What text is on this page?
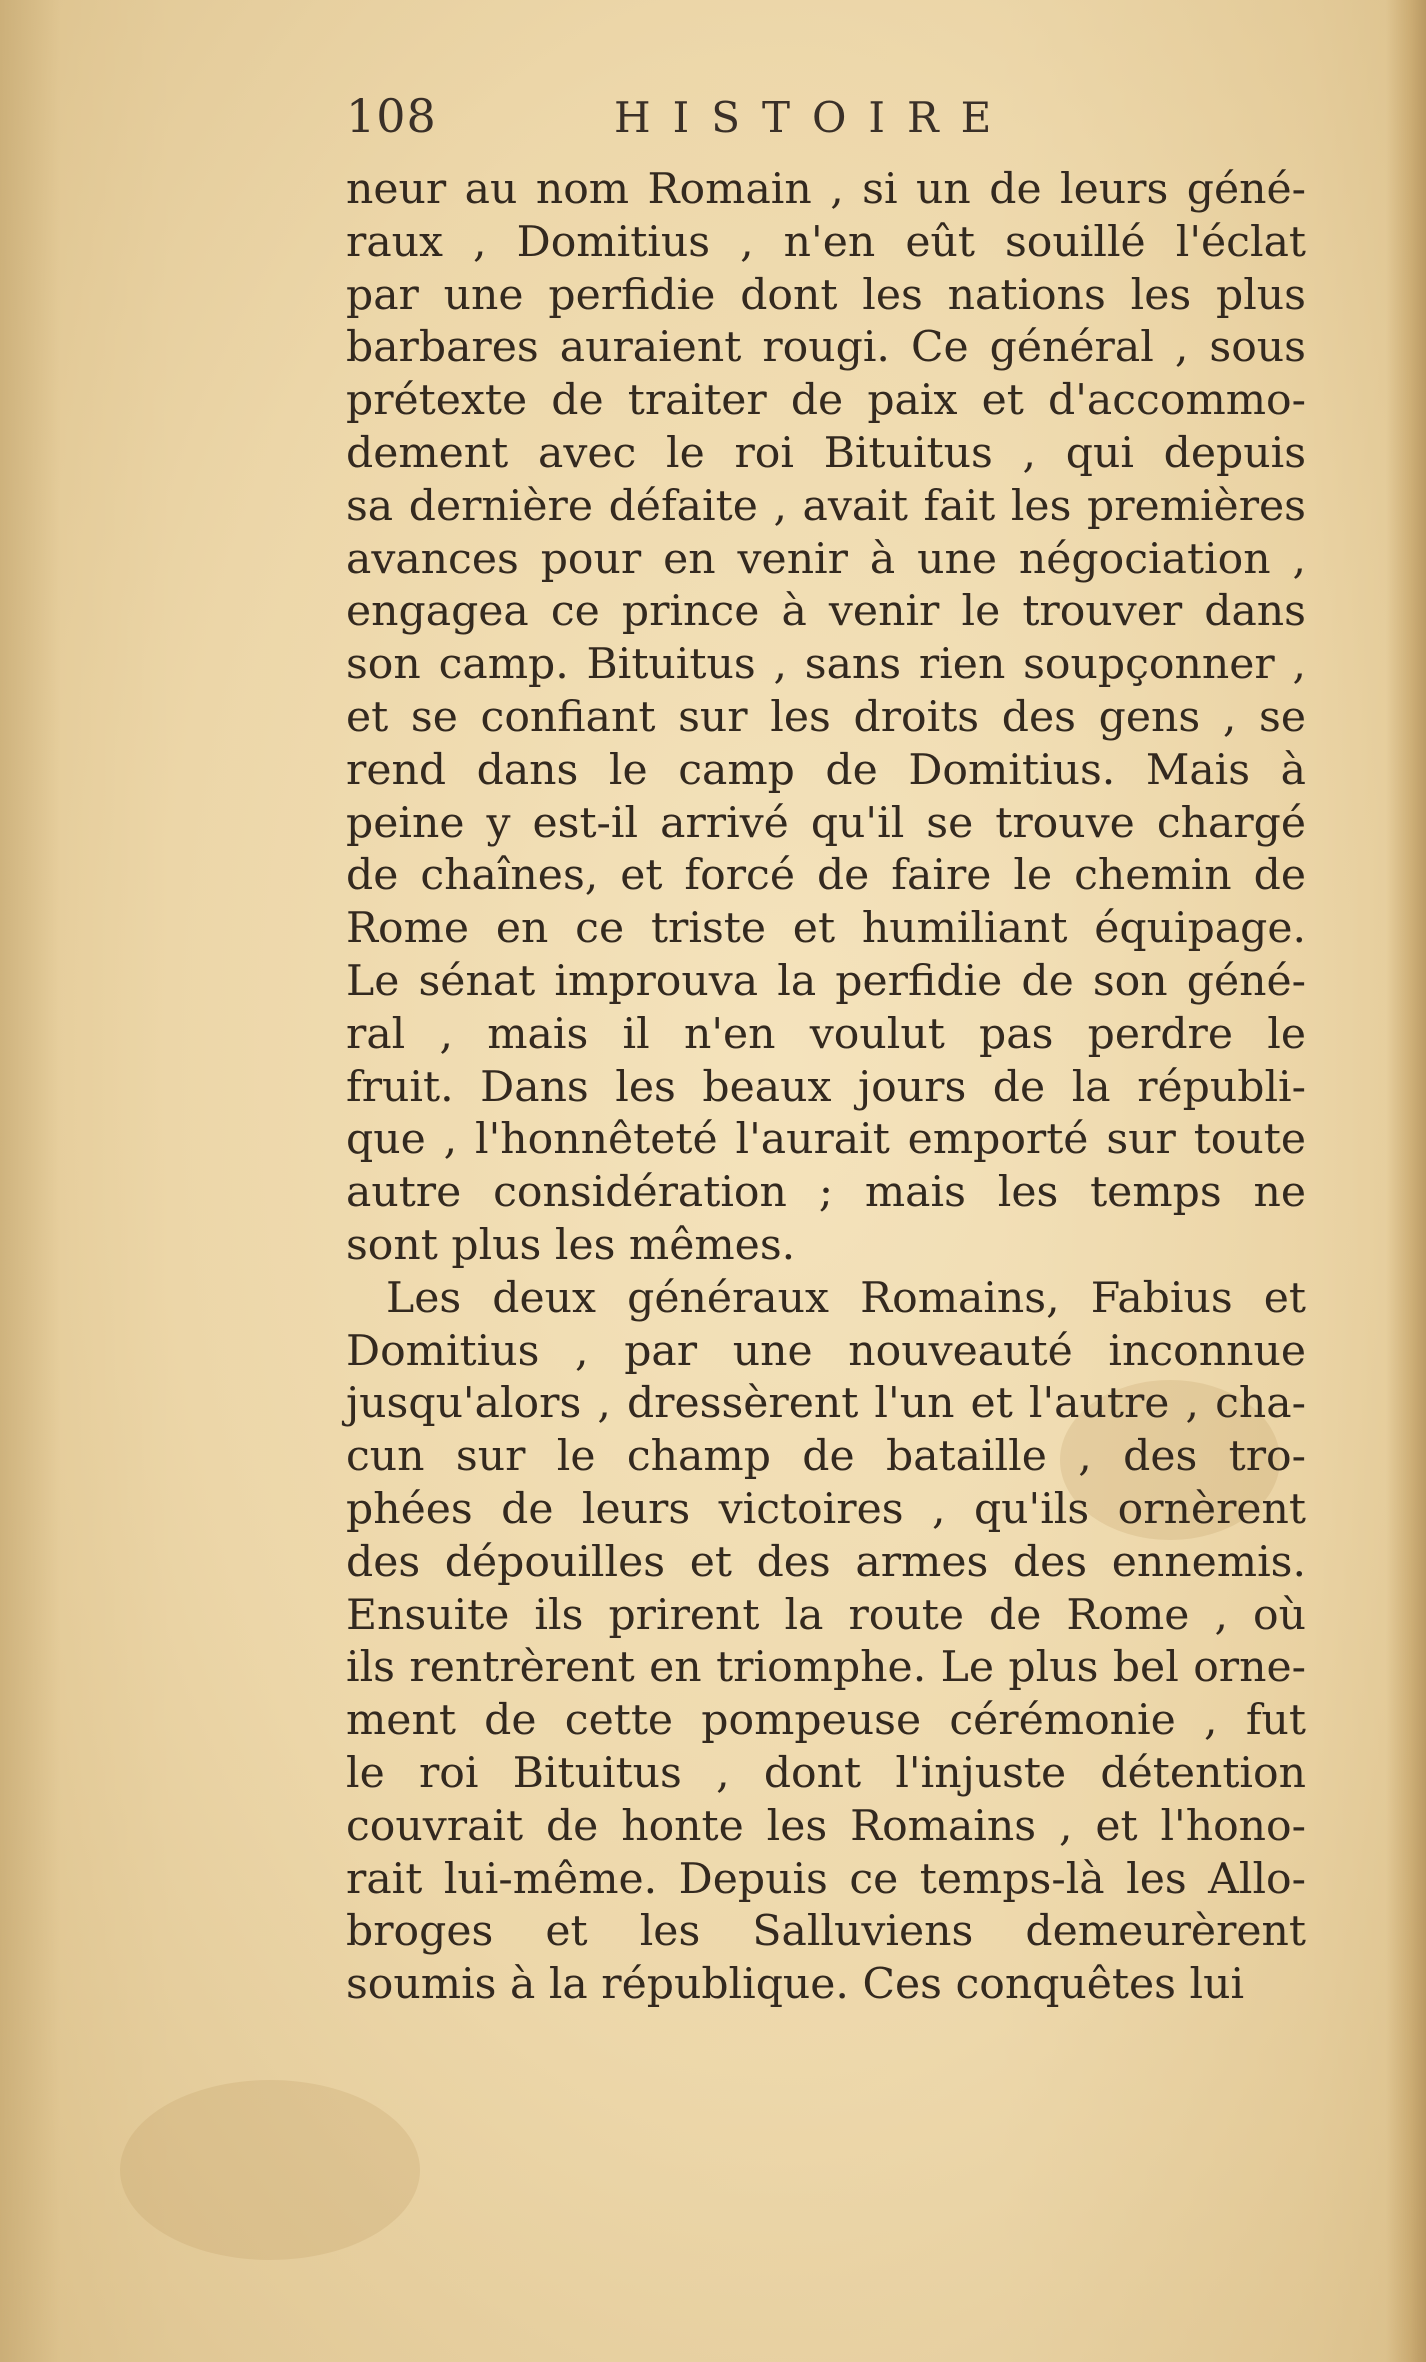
108	HISTOIRE
neur au nom Romain , si un de leurs géné-
raux , Domitius , n'en eût souillé l'éclat
par une perfidie dont les nations les plus
barbares auraient rougi. Ce général , sous
prétexte de traiter de paix et d'accommo-
dement avec le roi Bituitus , qui depuis
sa dernière défaite , avait fait les premières
avances pour en venir à une négociation ,
engagea ce prince à venir le trouver dans
son camp. Bituitus , sans rien soupçonner ,
et se confiant sur les droits des gens , se
rend dans le camp de Domitius. Mais à
peine y est-il arrivé qu'il se trouve chargé
de chaînes, et forcé de faire le chemin de
Rome en ce triste et humiliant équipage.
Le sénat improuva la perfidie de son géné-
ral , mais il n'en voulut pas perdre le
fruit. Dans les beaux jours de la républi-
que , l'honnêteté l'aurait emporté sur toute
autre considération ; mais les temps ne
sont plus les mêmes.
Les deux généraux Romains, Fabius et
Domitius , par une nouveauté inconnue
jusqu'alors , dressèrent l'un et l'autre , cha-
cun sur le champ de bataille , des tro-
phées de leurs victoires , qu'ils ornèrent
des dépouilles et des armes des ennemis.
Ensuite ils prirent la route de Rome , où
ils rentrèrent en triomphe. Le plus bel orne-
ment de cette pompeuse cérémonie , fut
le roi Bituitus , dont l'injuste détention
couvrait de honte les Romains , et l'hono-
rait lui-même. Depuis ce temps-là les Allo-
broges et les Salluviens demeurèrent
soumis à la république. Ces conquêtes lui
